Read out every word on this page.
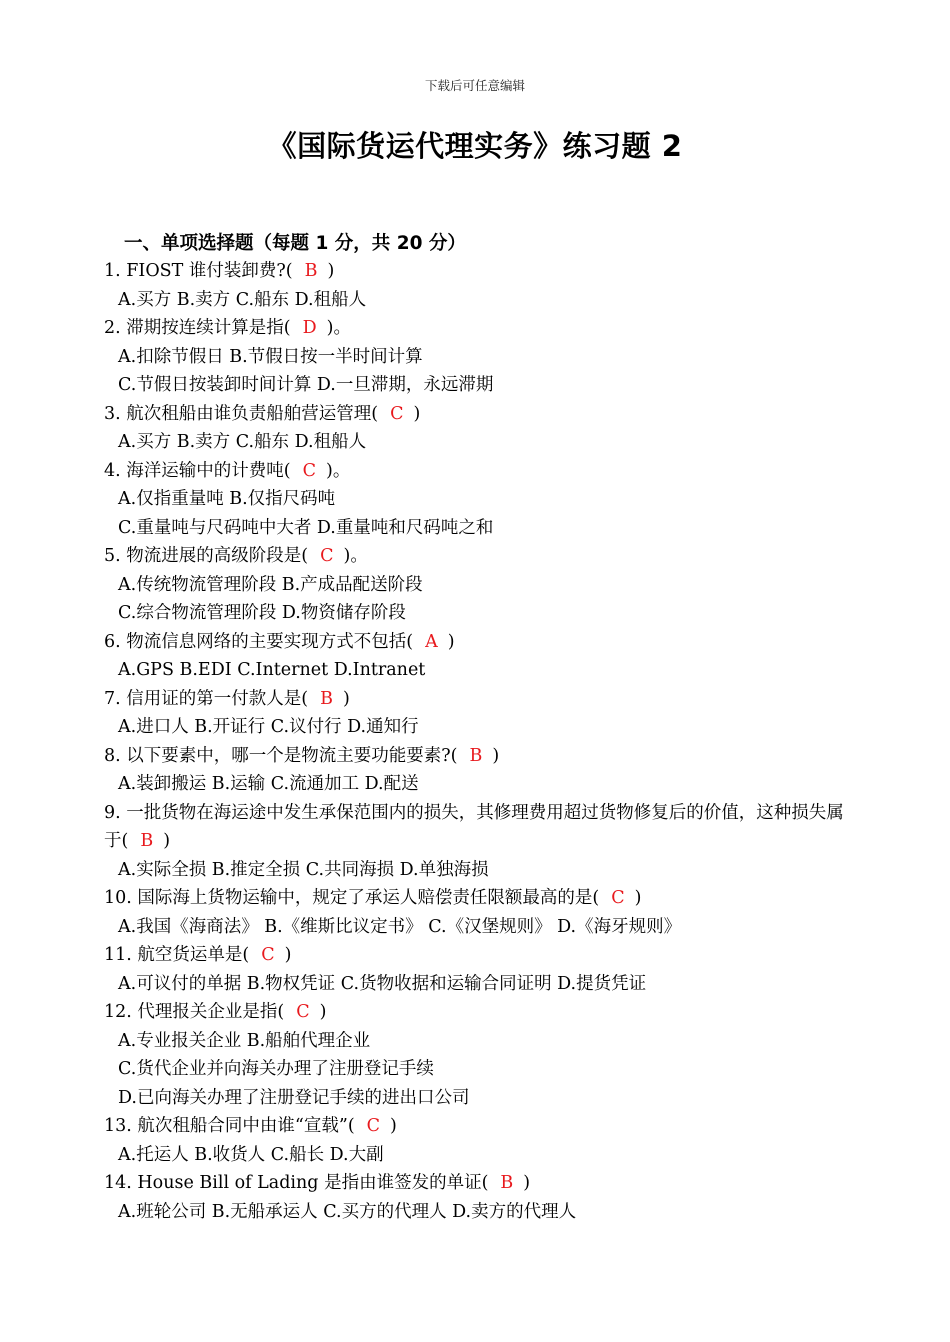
下载后可任意编辑
《国际货运代理实务》练习题 2
一、单项选择题（每题 1 分，共 20 分）

1. FIOST 谁付装卸费?( B )

A.买方 B.卖方 C.船东 D.租船人

2. 滞期按连续计算是指( D )。

A.扣除节假日 B.节假日按一半时间计算

C.节假日按装卸时间计算 D.一旦滞期，永远滞期

3. 航次租船由谁负责船舶营运管理( C )

A.买方 B.卖方 C.船东 D.租船人

4. 海洋运输中的计费吨( C )。

A.仅指重量吨 B.仅指尺码吨

C.重量吨与尺码吨中大者 D.重量吨和尺码吨之和

5. 物流进展的高级阶段是( C )。

A.传统物流管理阶段 B.产成品配送阶段

C.综合物流管理阶段 D.物资储存阶段

6. 物流信息网络的主要实现方式不包括( A )

A.GPS B.EDI C.Internet D.Intranet

7. 信用证的第一付款人是( B )

A.进口人 B.开证行 C.议付行 D.通知行

8. 以下要素中，哪一个是物流主要功能要素?( B )

A.装卸搬运 B.运输 C.流通加工 D.配送

9. 一批货物在海运途中发生承保范围内的损失，其修理费用超过货物修复后的价值，这种损失属于( B )

A.实际全损 B.推定全损 C.共同海损 D.单独海损

10. 国际海上货物运输中，规定了承运人赔偿责任限额最高的是( C )

A.我国《海商法》 B.《维斯比议定书》 C.《汉堡规则》 D.《海牙规则》

11. 航空货运单是( C )

A.可议付的单据 B.物权凭证 C.货物收据和运输合同证明 D.提货凭证

12. 代理报关企业是指( C )

A.专业报关企业 B.船舶代理企业

C.货代企业并向海关办理了注册登记手续

D.已向海关办理了注册登记手续的进出口公司

13. 航次租船合同中由谁“宣载”( C )

A.托运人 B.收货人 C.船长 D.大副

14. House Bill of Lading 是指由谁签发的单证( B )

A.班轮公司 B.无船承运人 C.买方的代理人 D.卖方的代理人
